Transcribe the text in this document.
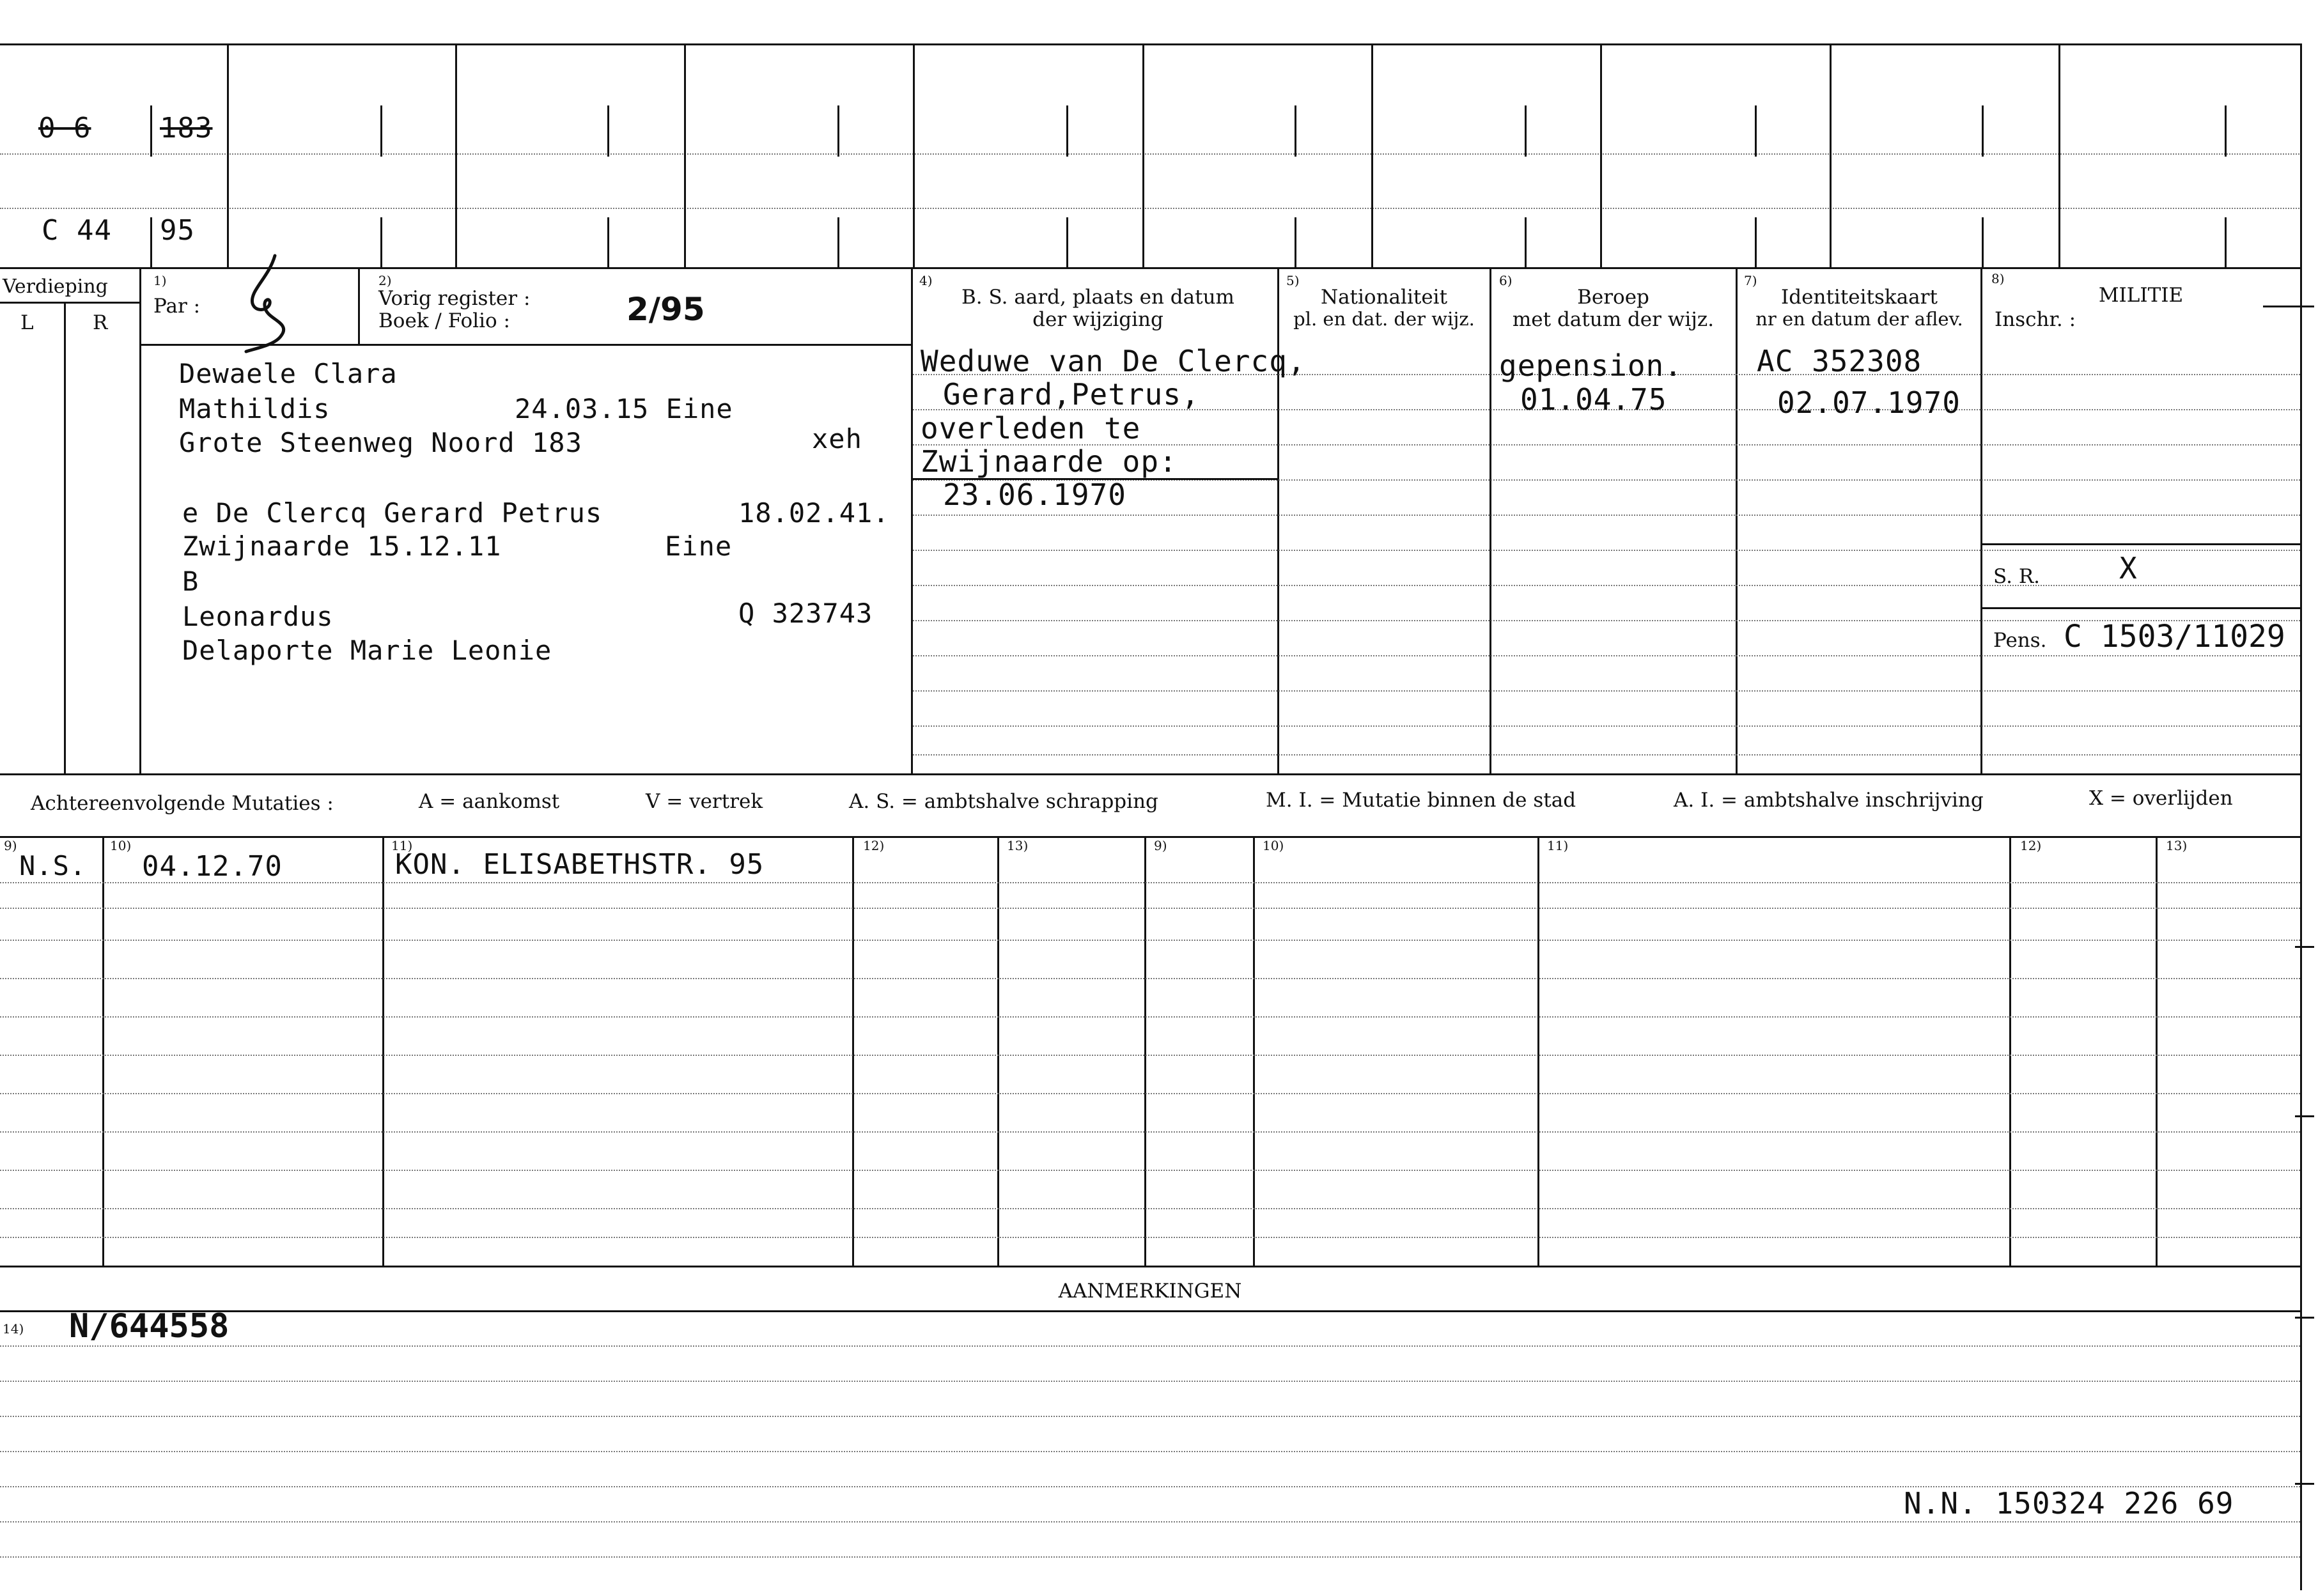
0 6 183
C 44 95
Verdieping
L	R
1)
Par :
2)
Vorig register :
Boek / Folio :	2/95
4)
B. S. aard, plaats en datum
der wijziging
5)
Nationaliteit
pl. en dat. der wijz.
6)
Beroep
met datum der wijz.
7)
Identiteitskaart
nr en datum der aflev.
8)
MILITIE
Inschr. :
Dewaele Clara
Mathildis	24.03.15 Eine
Grote Steenweg Noord 183	xeh
e De Clercq Gerard Petrus	18.02.41.
Zwijnaarde 15.12.11	Eine
B
Leonardus	Q 323743
Delaporte Marie Leonie
Weduwe van De Clercq,
Gerard,Petrus,
overleden te
Zwijnaarde op:
23.06.1970
gepension.
01.04.75
AC 352308
02.07.1970
S. R.	X
Pens. C 1503/11029
Achtereenvolgende Mutaties :	A = aankomst	V = vertrek	A. S. = ambtshalve schrapping	M. I. = Mutatie binnen de stad	A. I. = ambtshalve inschrijving	X = overlijden
9)	10)	11)	12)	13)	9)	10)	11)	12)	13)
N.S. 04.12.70	KON. ELISABETHSTR. 95
AANMERKINGEN
14) N/644558
N.N. 150324 226 69
